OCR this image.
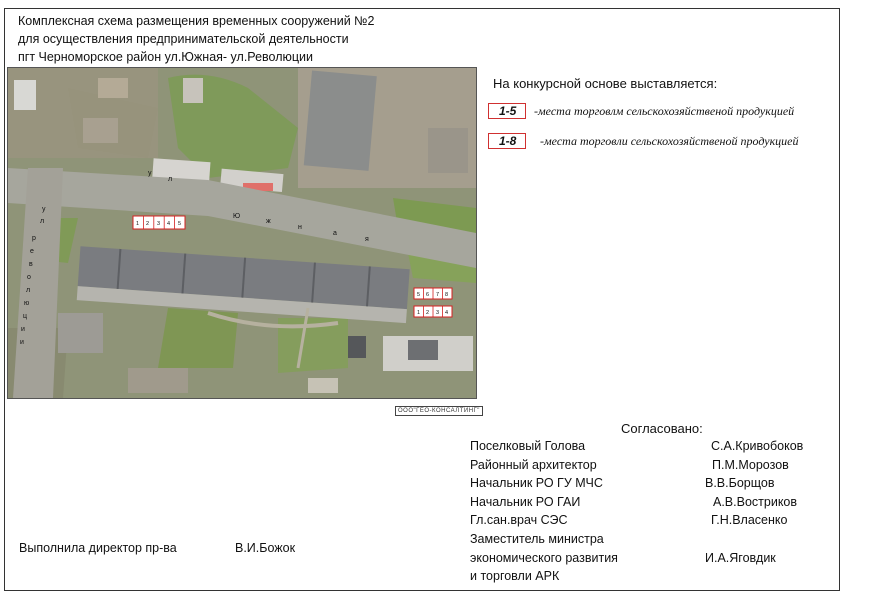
Комплексная схема размещения временных сооружений №2
для осуществления предпринимательской деятельности
пгт Черноморское район ул.Южная- ул.Революции
у
л
Ю
ж
н
а
я
у
л
р
е
в
о
л
ю
ц
и
и
1 2 3 4 5
5 6 7 8
1 2 3 4
ООО"ГЕО-КОНСАЛТИНГ"
На конкурсной основе выставляется:
1-5	-места торговлм сельскохозяйственой продукцией
1-8	-места торговли сельскохозяйственой продукцией
Согласовано:
Поселковый Голова	С.А.Кривобоков
Районный архитектор	П.М.Морозов
Начальник РО ГУ МЧС	В.В.Борщов
Начальник РО ГАИ	А.В.Востриков
Гл.сан.врач СЭС	Г.Н.Власенко
Заместитель министра
экономического развития	И.А.Яговдик
и торговли АРК
Выполнила директор пр-ва	В.И.Божок
